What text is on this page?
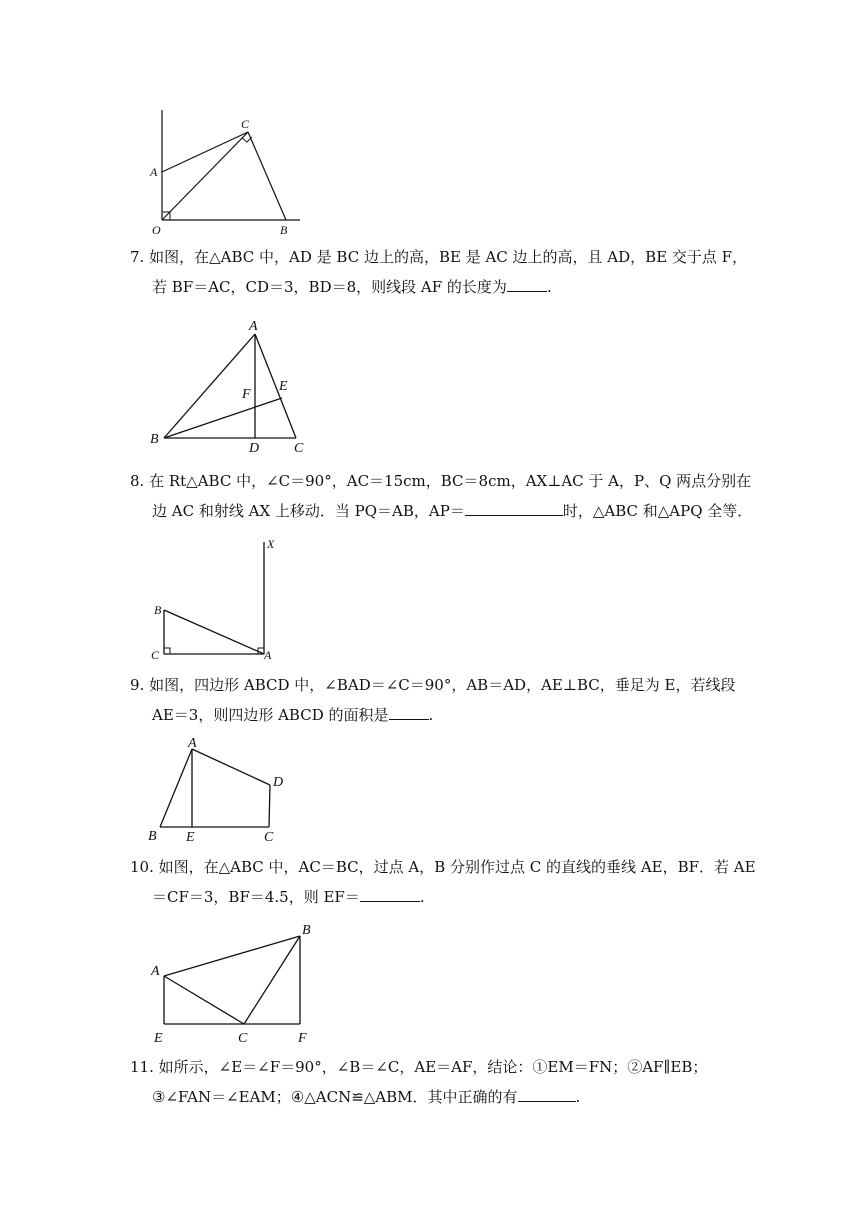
A
C
O	B
7. 如图，在△ABC 中，AD 是 BC 边上的高，BE 是 AC 边上的高，且 AD，BE 交于点 F，
若 BF＝AC，CD＝3，BD＝8，则线段 AF 的长度为	.
A
F
E
B
D C
8. 在 Rt△ABC 中，∠C＝90°，AC＝15cm，BC＝8cm，AX⊥AC 于 A，P、Q 两点分别在
边 AC 和射线 AX 上移动．当 PQ＝AB，AP＝	时，△ABC 和△APQ 全等．
X
B
C	A
9. 如图，四边形 ABCD 中，∠BAD＝∠C＝90°，AB＝AD，AE⊥BC，垂足为 E，若线段
AE＝3，则四边形 ABCD 的面积是	.
A
D
B E	C
10. 如图，在△ABC 中，AC＝BC，过点 A，B 分别作过点 C 的直线的垂线 AE，BF．若 AE
＝CF＝3，BF＝4.5，则 EF＝	.
B
A
E	C	F
11. 如所示，∠E＝∠F＝90°，∠B＝∠C，AE＝AF，结论：①EM＝FN；②AF∥EB；
③∠FAN＝∠EAM；④△ACN≌△ABM．其中正确的有	.
